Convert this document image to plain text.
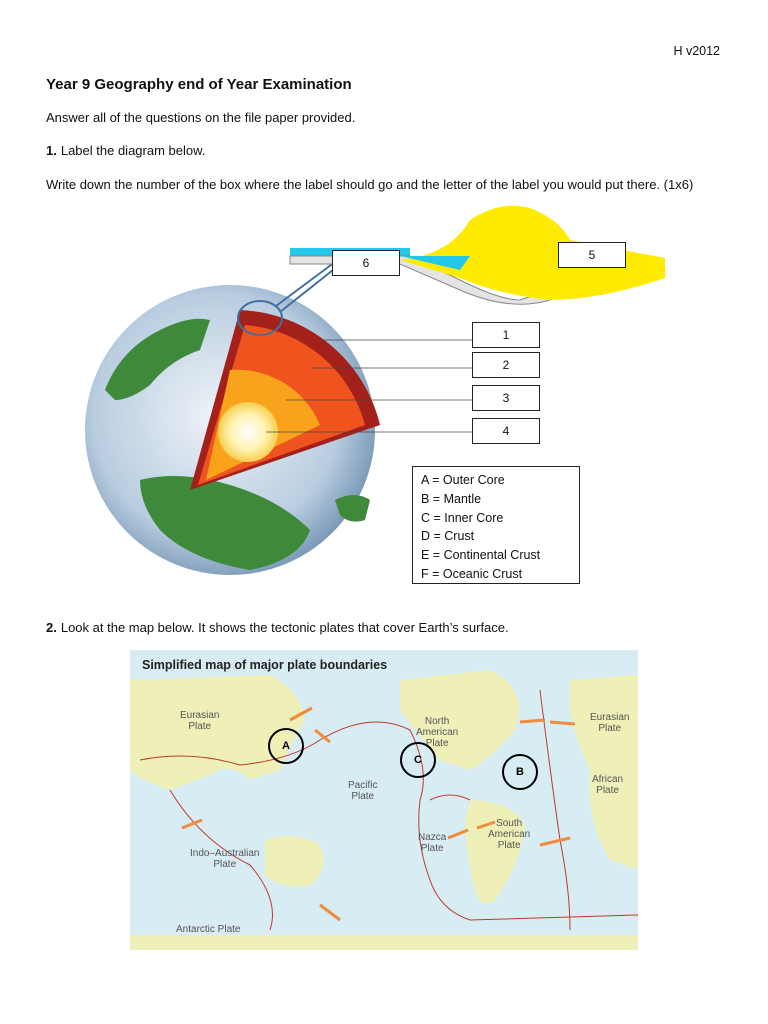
H v2012
Year 9 Geography end of Year Examination
Answer all of the questions on the file paper provided.
1. Label the diagram below.
Write down the number of the box where the label should go and the letter of the label you would put there. (1x6)
1
2
3
4
5
6
A = Outer Core
B = Mantle
C = Inner Core
D = Crust
E = Continental Crust
F = Oceanic Crust
2. Look at the map below. It shows the tectonic plates that cover Earth’s surface.
Simplified map of major plate boundaries
Eurasian
Plate	North
American
Plate
Eurasian
Plate
African
Plate
Pacific
Plate
Nazca
Plate
South
American
Plate
Indo–Australian
Plate
Antarctic Plate
A
B
C
